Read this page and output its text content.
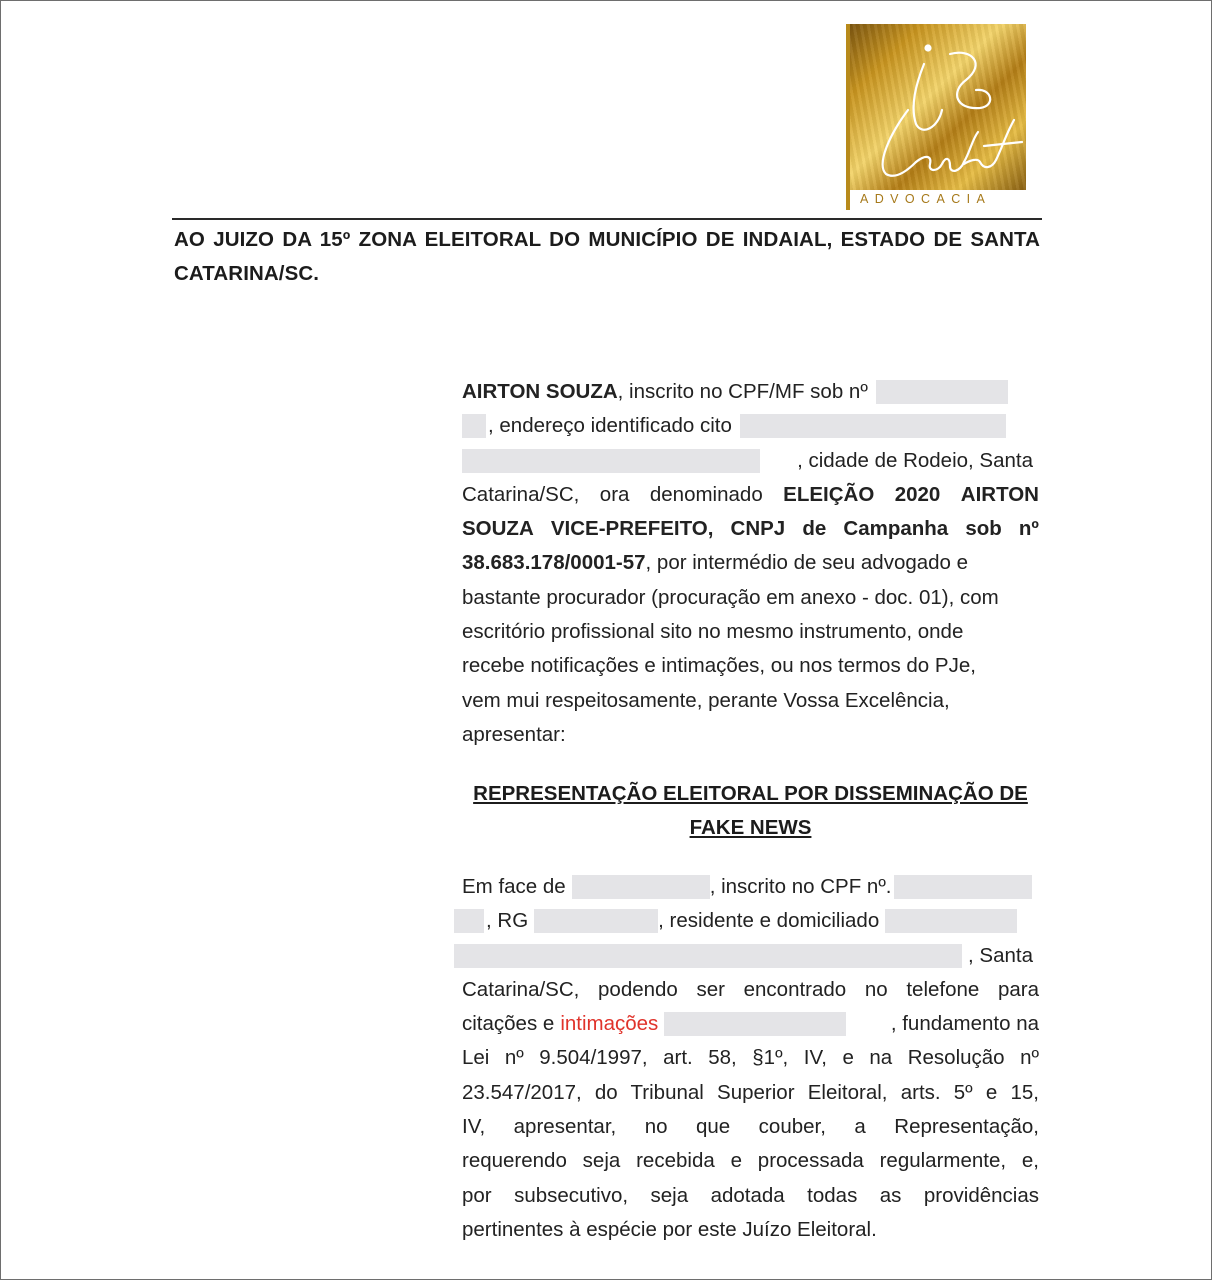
ADVOCACIA
AO JUIZO DA 15º ZONA ELEITORAL DO MUNICÍPIO DE INDAIAL, ESTADO DE SANTA CATARINA/SC.
AIRTON SOUZA, inscrito no CPF/MF sob nº
, endereço identificado cito
, cidade de Rodeio, Santa
Catarina/SC, ora denominado ELEIÇÃO 2020 AIRTON
SOUZA VICE-PREFEITO, CNPJ de Campanha sob nº
38.683.178/0001-57, por intermédio de seu advogado e
bastante procurador (procuração em anexo - doc. 01), com
escritório profissional sito no mesmo instrumento, onde
recebe notificações e intimações, ou nos termos do PJe,
vem mui respeitosamente, perante Vossa Excelência,
apresentar:
REPRESENTAÇÃO ELEITORAL POR DISSEMINAÇÃO DE
FAKE NEWS
Em face de	, inscrito no CPF nº.
, RG	, residente e domiciliado
, Santa
Catarina/SC, podendo ser encontrado no telefone para
citações e intimações	, fundamento na
Lei nº 9.504/1997, art. 58, §1º, IV, e na Resolução nº
23.547/2017, do Tribunal Superior Eleitoral, arts. 5º e 15,
IV, apresentar, no que couber, a Representação,
requerendo seja recebida e processada regularmente, e,
por subsecutivo, seja adotada todas as providências
pertinentes à espécie por este Juízo Eleitoral.
